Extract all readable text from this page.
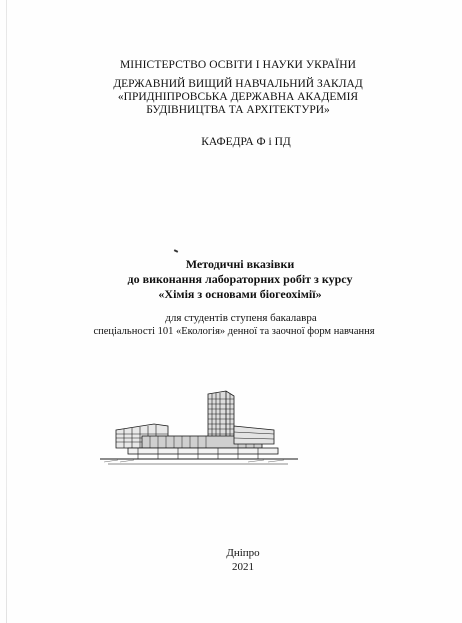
МІНІСТЕРСТВО ОСВІТИ І НАУКИ УКРАЇНИ
ДЕРЖАВНИЙ ВИЩИЙ НАВЧАЛЬНИЙ ЗАКЛАД
«ПРИДНІПРОВСЬКА ДЕРЖАВНА АКАДЕМІЯ
БУДІВНИЦТВА ТА АРХІТЕКТУРИ»
КАФЕДРА Ф і ПД
Методичні вказівки
до виконання лабораторних робіт з курсу
«Хімія з основами біогеохімії»
для студентів ступеня бакалавра
спеціальності 101 «Екологія» денної та заочної форм навчання
Дніпро
2021
